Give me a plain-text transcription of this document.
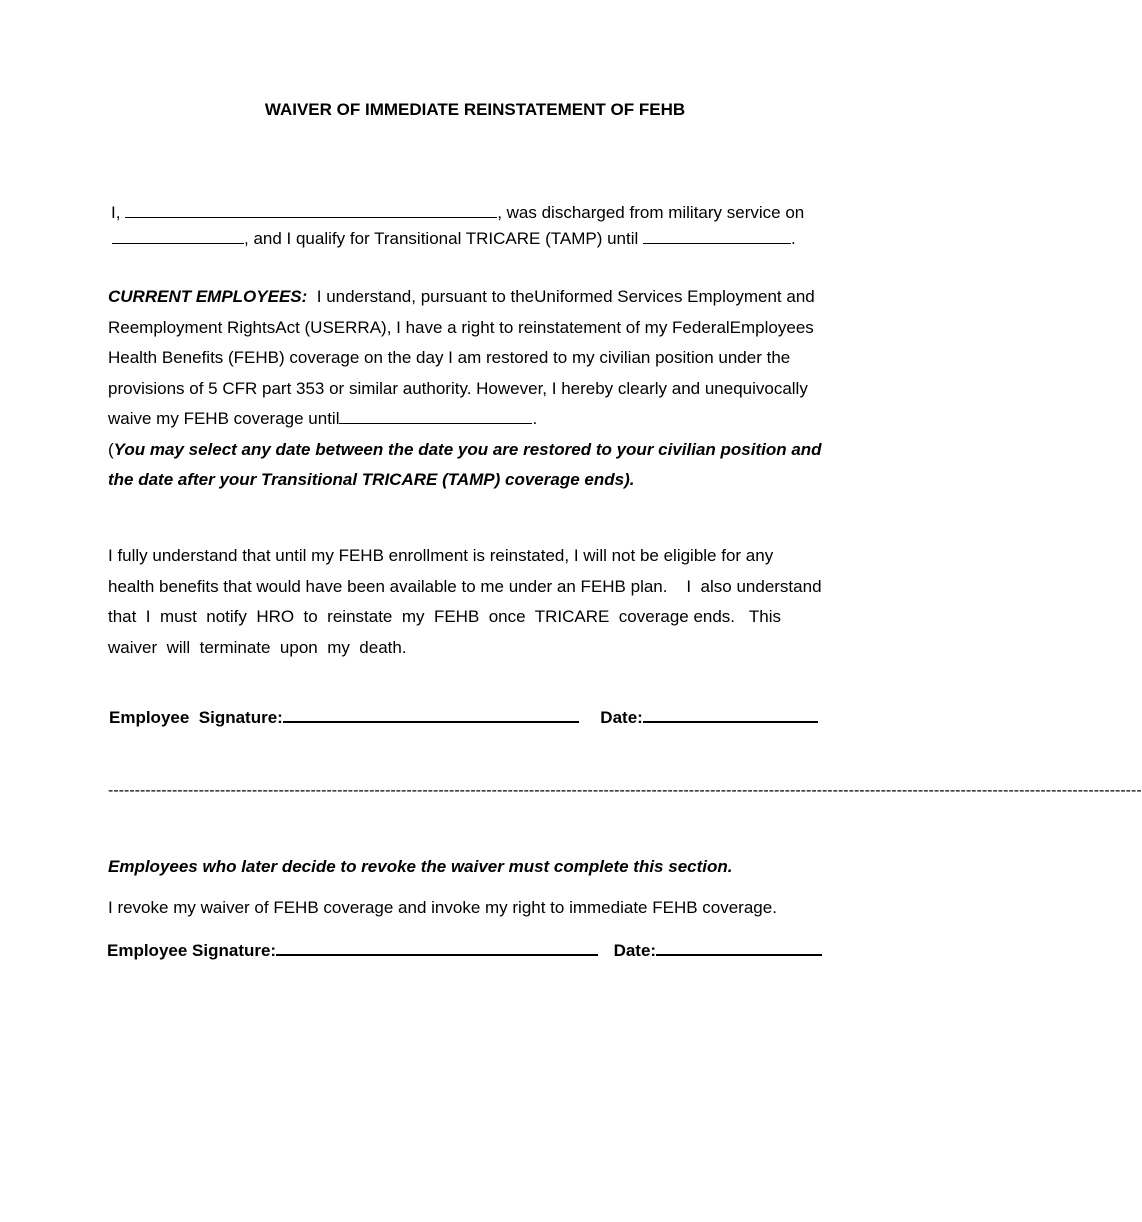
WAIVER OF IMMEDIATE REINSTATEMENT OF FEHB
I,	, was discharged from military service on
, and I qualify for Transitional TRICARE (TAMP) until	.

CURRENT EMPLOYEES: I understand, pursuant to theUniformed Services Employment and Reemployment RightsAct (USERRA), I have a right to reinstatement of my FederalEmployees Health Benefits (FEHB) coverage on the day I am restored to my civilian position under the provisions of 5 CFR part 353 or similar authority. However, I hereby clearly and unequivocally waive my FEHB coverage until	.

(You may select any date between the date you are restored to your civilian position and the date after your Transitional TRICARE (TAMP) coverage ends).

I fully understand that until my FEHB enrollment is reinstated, I will not be eligible for any health benefits that would have been available to me under an FEHB plan.    I  also understand  that  I  must  notify  HRO  to  reinstate  my  FEHB  once  TRICARE  coverage ends.   This  waiver  will  terminate  upon  my  death.

Employee  Signature:	Date:
--------------------------------------------------------------------------------------------------------------------------------------------------------------------------------------------------
Employees who later decide to revoke the waiver must complete this section.
I revoke my waiver of FEHB coverage and invoke my right to immediate FEHB coverage.
Employee Signature:	Date:
